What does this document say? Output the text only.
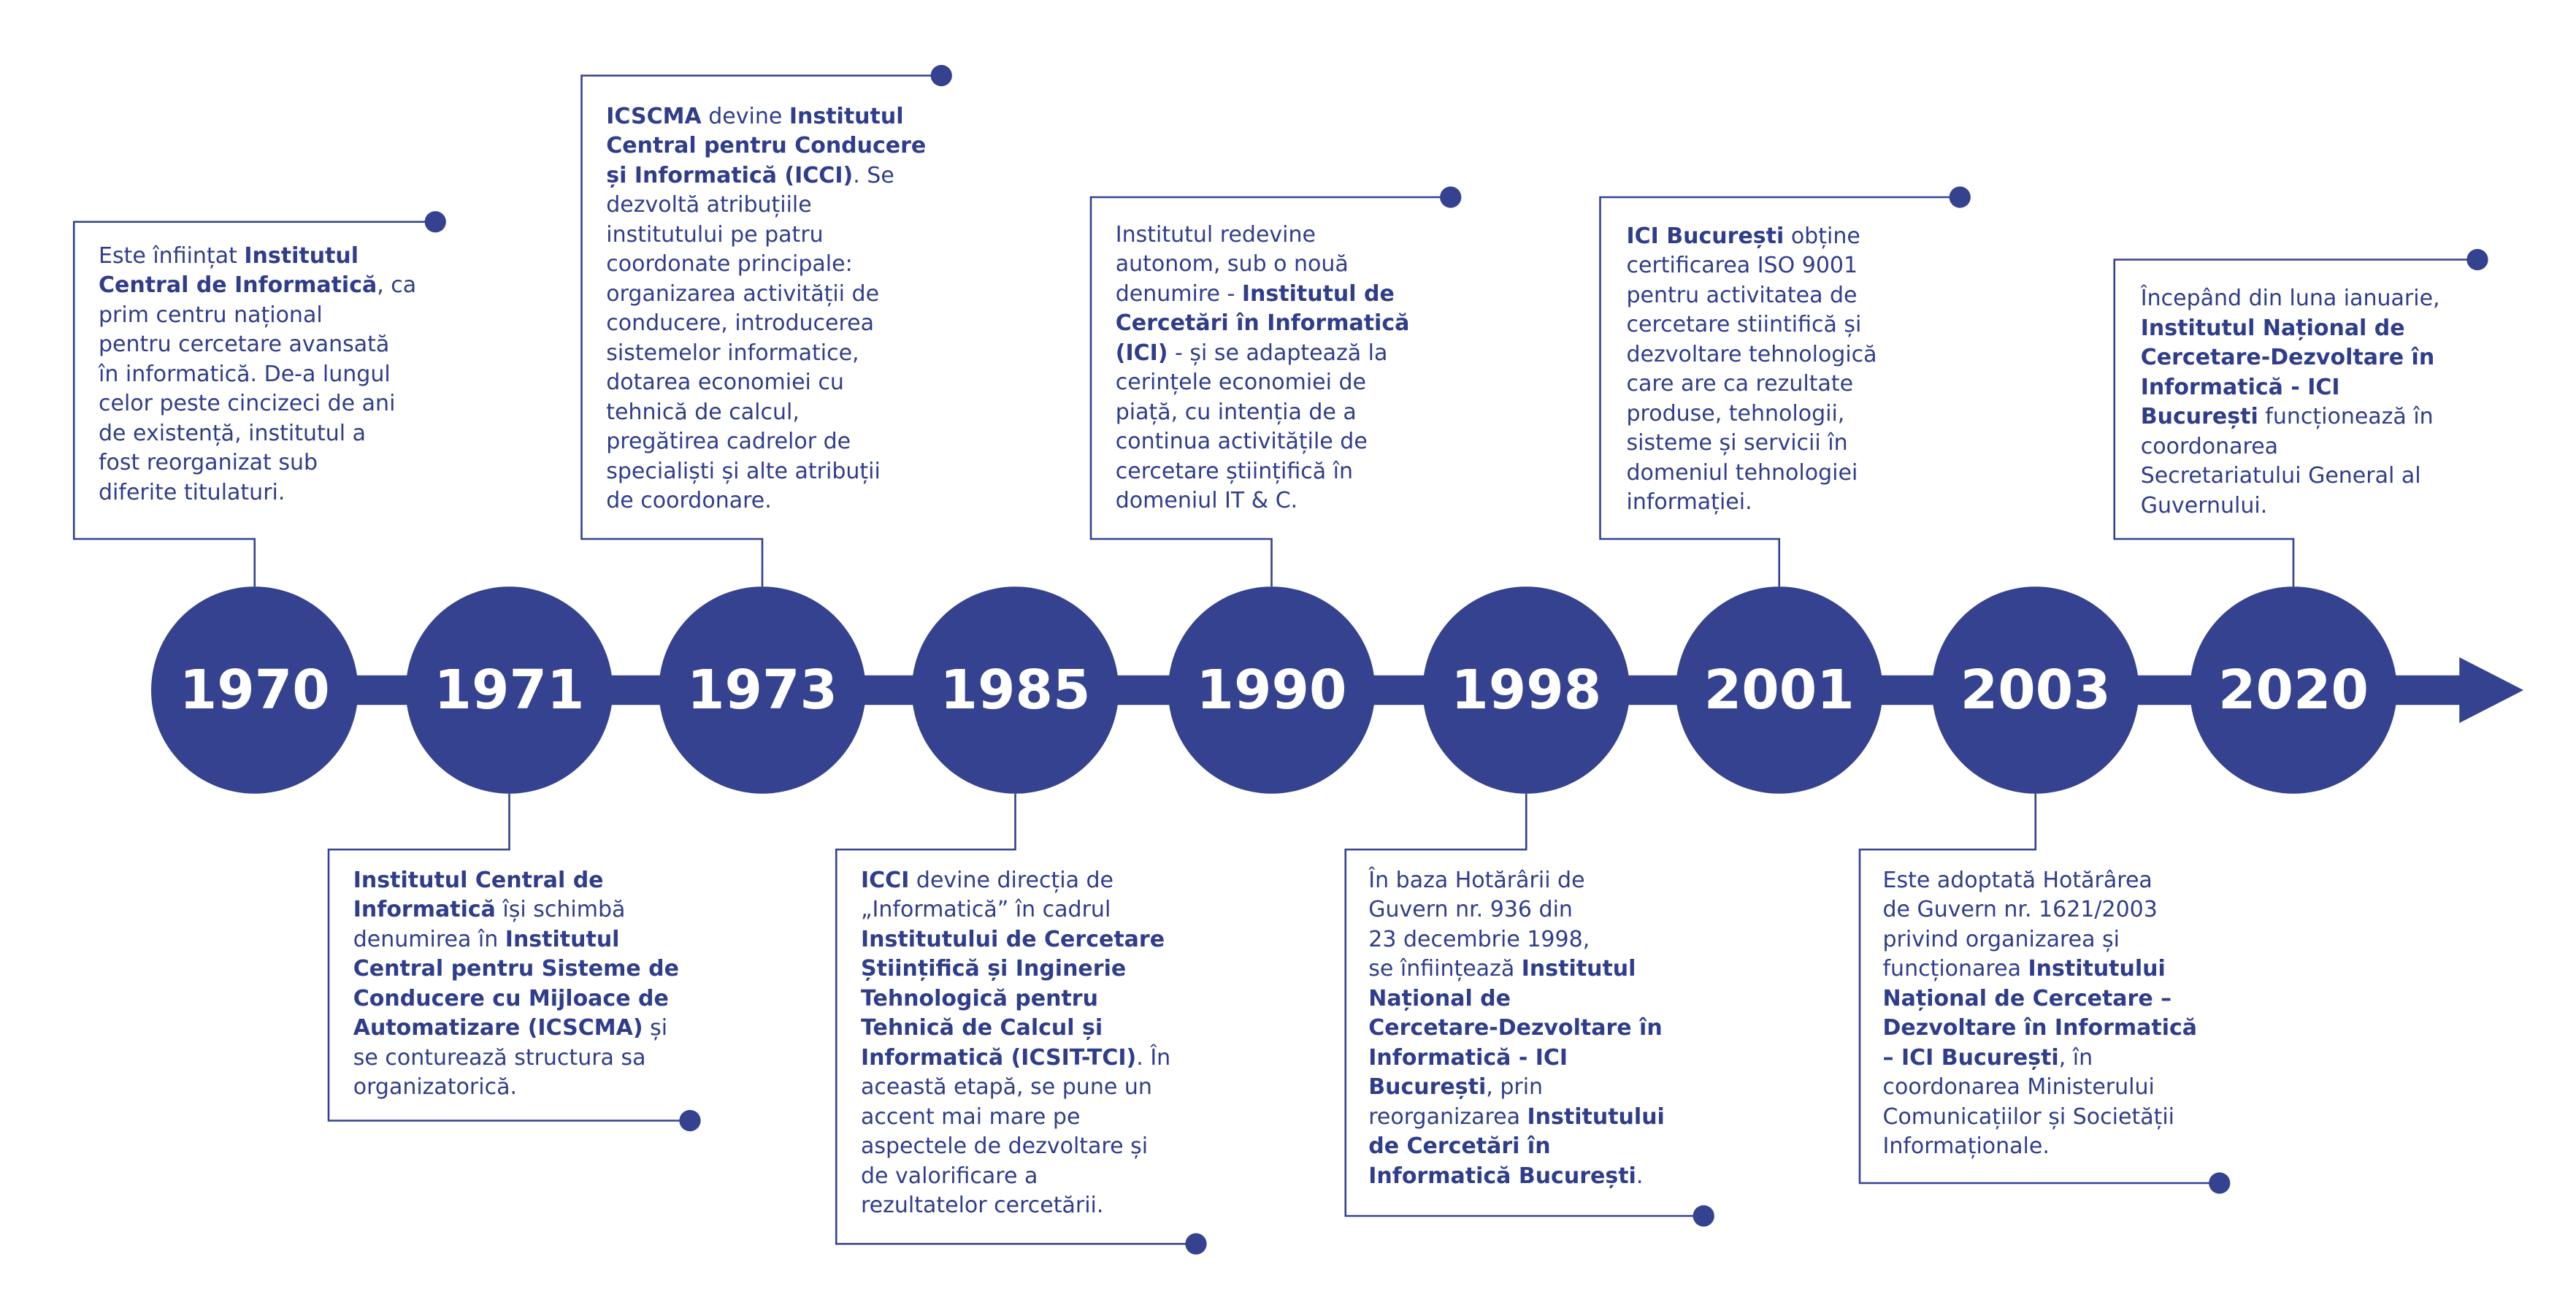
1970 1971 1973 1985 1990 1998 2001 2003 2020
Este înființat Institutul
Central de Informatică, ca
prim centru național
pentru cercetare avansată
în informatică. De-a lungul
celor peste cincizeci de ani
de existență, institutul a
fost reorganizat sub
diferite titulaturi.
Institutul Central de
Informatică își schimbă
denumirea în Institutul
Central pentru Sisteme de
Conducere cu Mijloace de
Automatizare (ICSCMA) și
se conturează structura sa
organizatorică.
ICSCMA devine Institutul
Central pentru Conducere
și Informatică (ICCI). Se
dezvoltă atribuțiile
institutului pe patru
coordonate principale:
organizarea activității de
conducere, introducerea
sistemelor informatice,
dotarea economiei cu
tehnică de calcul,
pregătirea cadrelor de
specialiști și alte atribuții
de coordonare.
ICCI devine direcția de
„Informatică” în cadrul
Institutului de Cercetare
Științifică și Inginerie
Tehnologică pentru
Tehnică de Calcul și
Informatică (ICSIT-TCI). În
această etapă, se pune un
accent mai mare pe
aspectele de dezvoltare și
de valorificare a
rezultatelor cercetării.
Institutul redevine
autonom, sub o nouă
denumire - Institutul de
Cercetări în Informatică
(ICI) - și se adaptează la
cerințele economiei de
piață, cu intenția de a
continua activitățile de
cercetare științifică în
domeniul IT & C.
În baza Hotărârii de
Guvern nr. 936 din
23 decembrie 1998,
se înființează Institutul
Național de
Cercetare-Dezvoltare în
Informatică - ICI
București, prin
reorganizarea Institutului
de Cercetări în
Informatică București.
ICI București obține
certificarea ISO 9001
pentru activitatea de
cercetare stiintifică și
dezvoltare tehnologică
care are ca rezultate
produse, tehnologii,
sisteme și servicii în
domeniul tehnologiei
informației.
Este adoptată Hotărârea
de Guvern nr. 1621/2003
privind organizarea și
funcționarea Institutului
Național de Cercetare –
Dezvoltare în Informatică
– ICI București, în
coordonarea Ministerului
Comunicațiilor și Societății
Informaționale.
Începând din luna ianuarie,
Institutul Național de
Cercetare-Dezvoltare în
Informatică - ICI
București funcționează în
coordonarea
Secretariatului General al
Guvernului.
